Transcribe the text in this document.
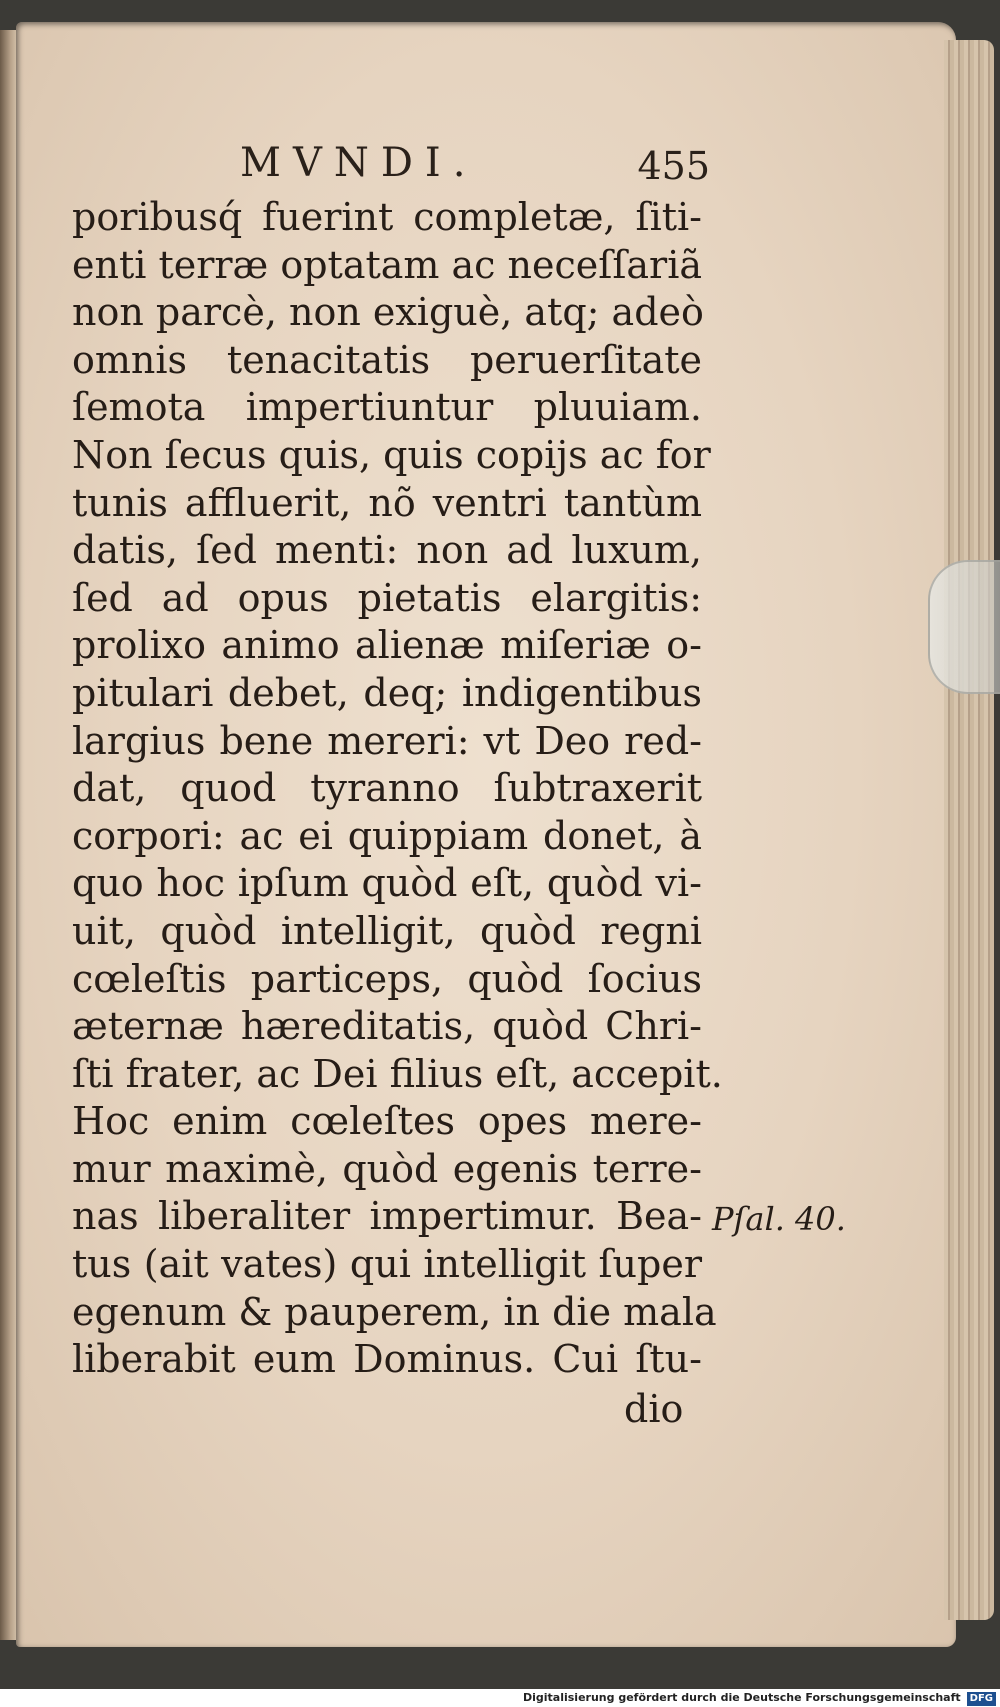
MVNDI.	455
poribusq́ fuerint completæ, ſiti-
enti terræ optatam ac neceſſariã
non parcè, non exiguè, atq; adeò
omnis tenacitatis peruerſitate
ſemota impertiuntur pluuiam.
Non ſecus quis, quis copijs ac for
tunis affluerit, nõ ventri tantùm
datis, ſed menti: non ad luxum,
ſed ad opus pietatis elargitis:
prolixo animo alienæ miſeriæ o-
pitulari debet, deq; indigentibus
largius bene mereri: vt Deo red-
dat, quod tyranno ſubtraxerit
corpori: ac ei quippiam donet, à
quo hoc ipſum quòd eſt, quòd vi-
uit, quòd intelligit, quòd regni
cœleſtis particeps, quòd ſocius
æternæ hæreditatis, quòd Chri-
ſti frater, ac Dei filius eſt, accepit.
Hoc enim cœleſtes opes mere-
mur maximè, quòd egenis terre-
nas liberaliter impertimur. Bea-
tus (ait vates) qui intelligit ſuper
egenum & pauperem, in die mala
liberabit eum Dominus. Cui ſtu-
dio
Pſal. 40.
Digitalisierung gefördert durch die Deutsche Forschungsgemeinschaft DFG
